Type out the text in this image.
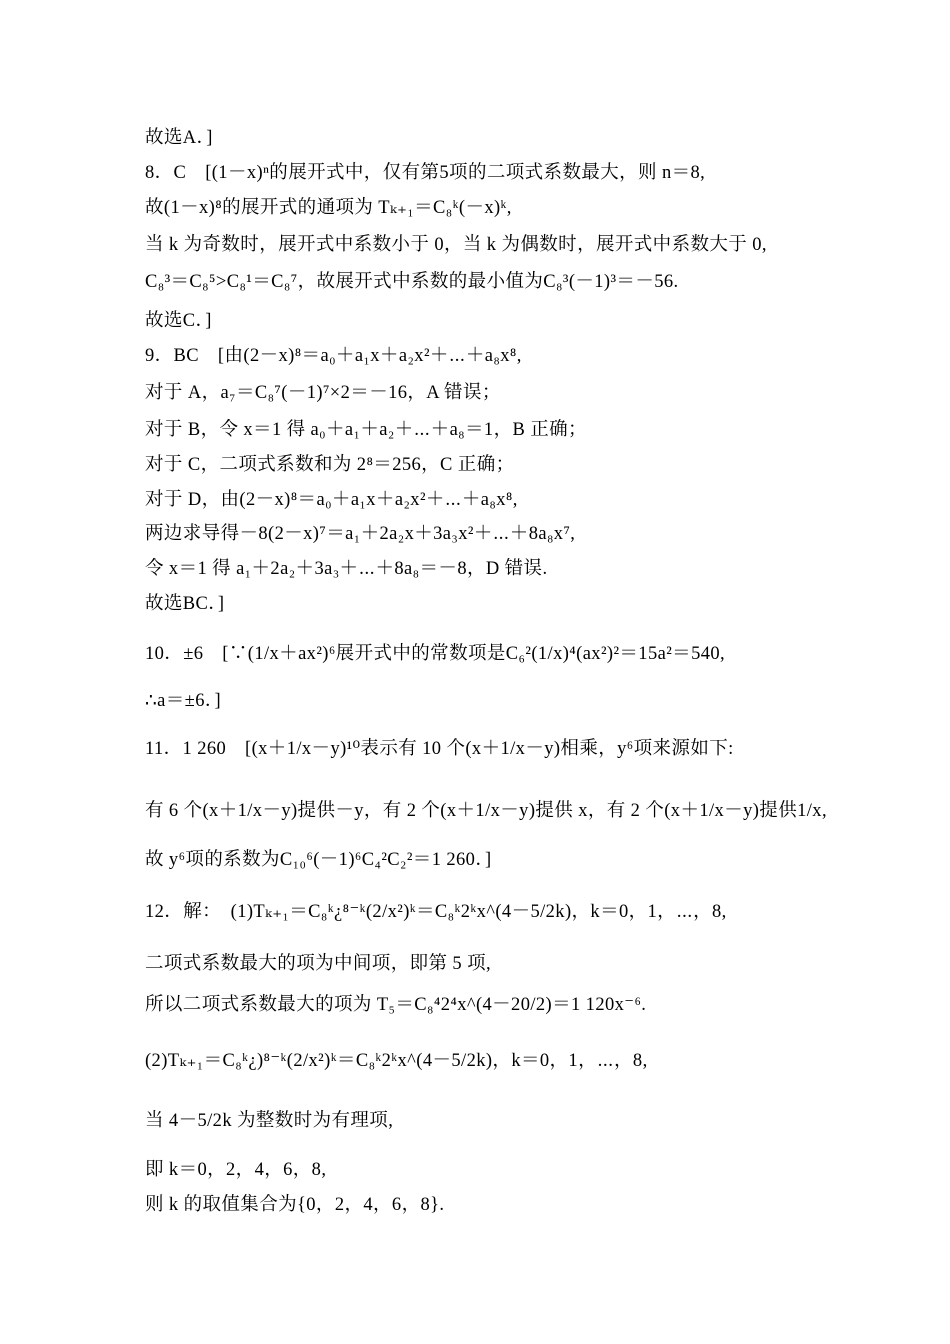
故选A．]
8．C　[(1－x)ⁿ的展开式中，仅有第5项的二项式系数最大，则 n＝8,
故(1－x)⁸的展开式的通项为 Tₖ₊₁＝C₈ᵏ(－x)ᵏ,
当 k 为奇数时，展开式中系数小于 0，当 k 为偶数时，展开式中系数大于 0,
C₈³＝C₈⁵>C₈¹＝C₈⁷，故展开式中系数的最小值为C₈³(－1)³＝－56.
故选C．]
9．BC　[由(2－x)⁸＝a₀＋a₁x＋a₂x²＋⋯＋a₈x⁸,
对于 A，a₇＝C₈⁷(－1)⁷×2＝－16，A 错误；
对于 B，令 x＝1 得 a₀＋a₁＋a₂＋⋯＋a₈＝1，B 正确；
对于 C，二项式系数和为 2⁸＝256，C 正确；
对于 D，由(2－x)⁸＝a₀＋a₁x＋a₂x²＋⋯＋a₈x⁸,
两边求导得－8(2－x)⁷＝a₁＋2a₂x＋3a₃x²＋⋯＋8a₈x⁷,
令 x＝1 得 a₁＋2a₂＋3a₃＋⋯＋8a₈＝－8，D 错误.
故选BC．]
10．±6　[∵(1/x＋ax²)⁶展开式中的常数项是C₆²(1/x)⁴(ax²)²＝15a²＝540,
∴a＝±6．]
11．1 260　[(x＋1/x－y)¹⁰表示有 10 个(x＋1/x－y)相乘，y⁶项来源如下:
有 6 个(x＋1/x－y)提供－y，有 2 个(x＋1/x－y)提供 x，有 2 个(x＋1/x－y)提供1/x,
故 y⁶项的系数为C₁₀⁶(－1)⁶C₄²C₂²＝1 260．]
12．解：　(1)Tₖ₊₁＝C₈ᵏ¿⁸⁻ᵏ(2/x²)ᵏ＝C₈ᵏ2ᵏx^(4－5/2k)，k＝0，1，⋯，8,
二项式系数最大的项为中间项，即第 5 项,
所以二项式系数最大的项为 T₅＝C₈⁴2⁴x^(4－20/2)＝1 120x⁻⁶.
(2)Tₖ₊₁＝C₈ᵏ¿)⁸⁻ᵏ(2/x²)ᵏ＝C₈ᵏ2ᵏx^(4－5/2k)，k＝0，1，⋯，8,
当 4－5/2k 为整数时为有理项,
即 k＝0，2，4，6，8,
则 k 的取值集合为{0，2，4，6，8}.
